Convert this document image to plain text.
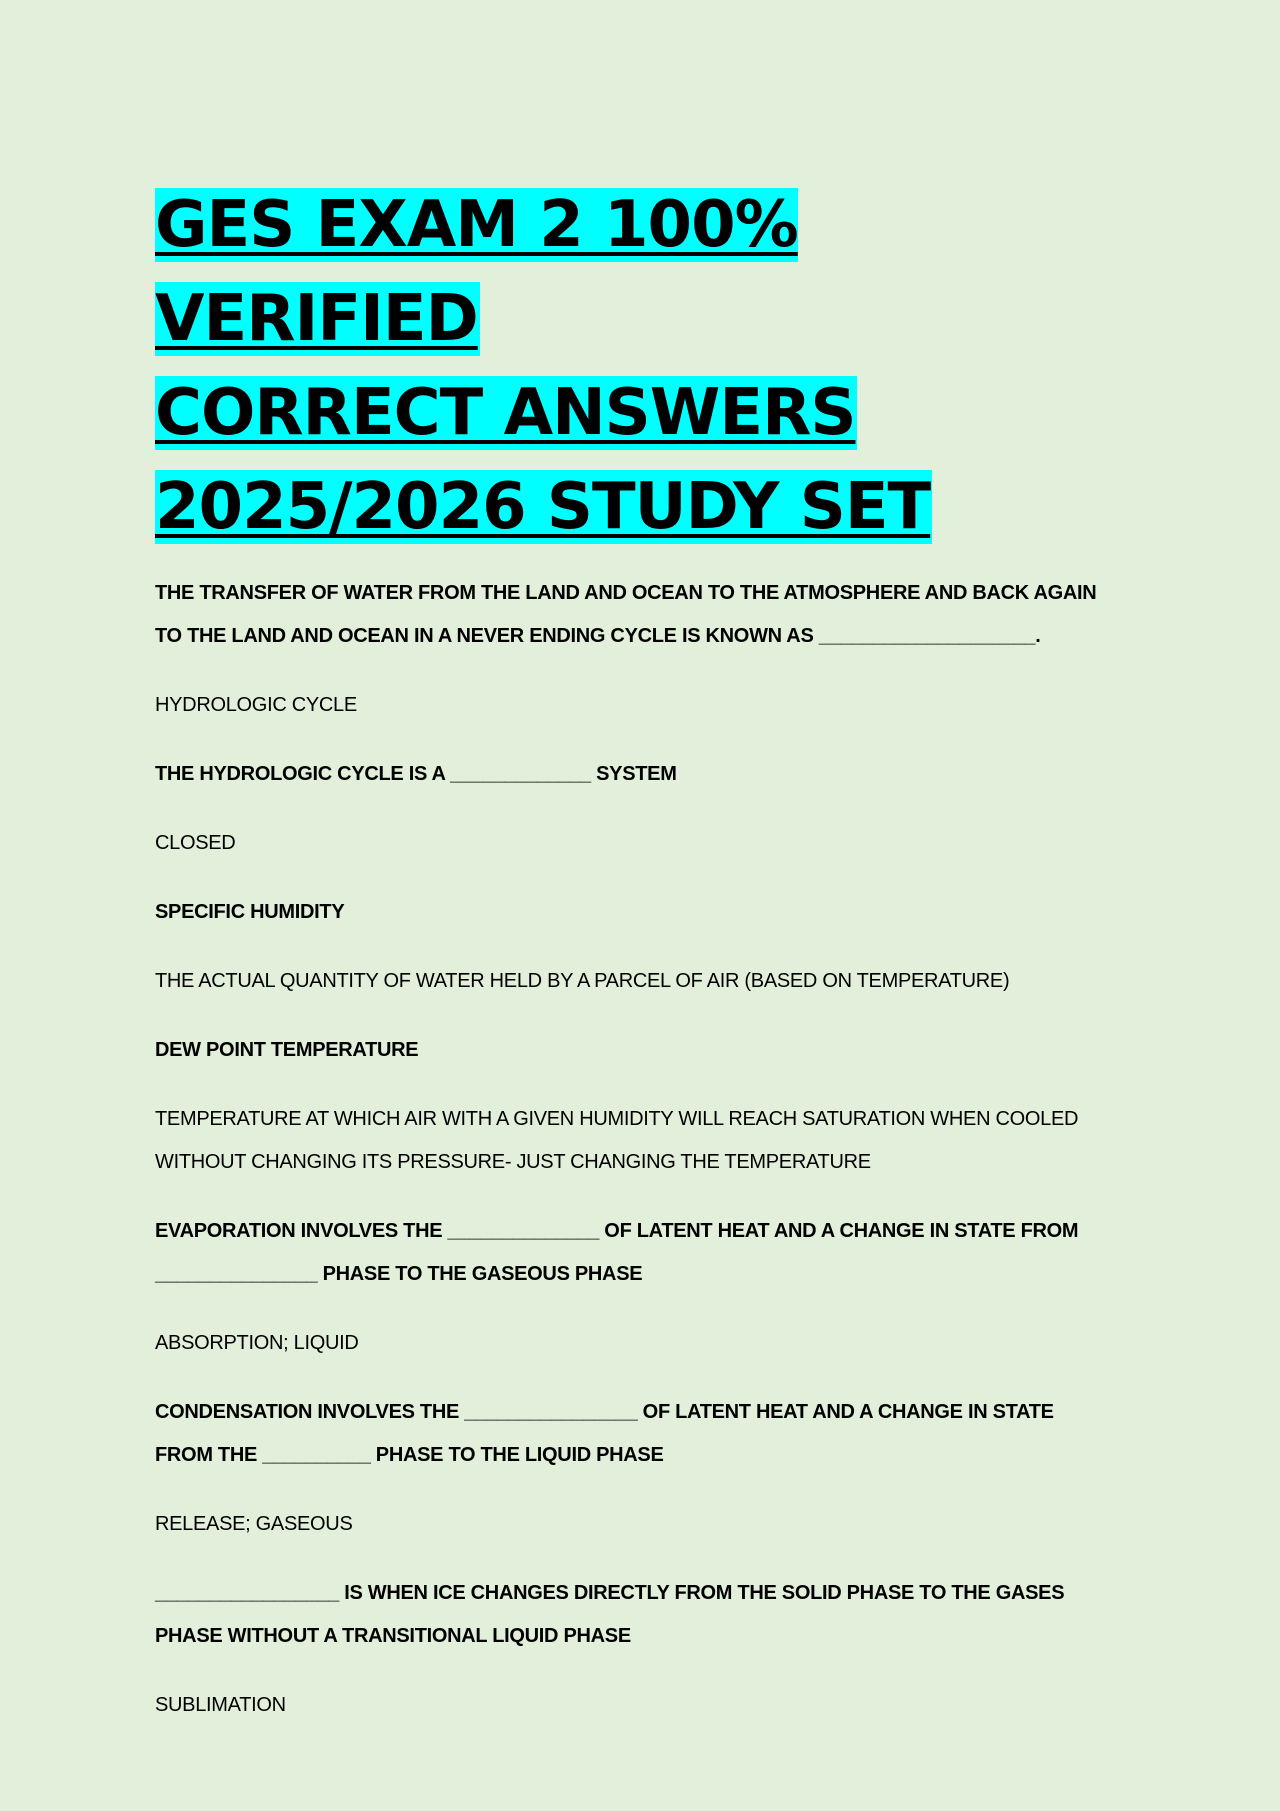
GES EXAM 2 100% VERIFIED
CORRECT ANSWERS
2025/2026 STUDY SET

THE TRANSFER OF WATER FROM THE LAND AND OCEAN TO THE ATMOSPHERE AND BACK AGAIN TO THE LAND AND OCEAN IN A NEVER ENDING CYCLE IS KNOWN AS ____________________.

HYDROLOGIC CYCLE

THE HYDROLOGIC CYCLE IS A _____________ SYSTEM

CLOSED

SPECIFIC HUMIDITY

THE ACTUAL QUANTITY OF WATER HELD BY A PARCEL OF AIR (BASED ON TEMPERATURE)

DEW POINT TEMPERATURE

TEMPERATURE AT WHICH AIR WITH A GIVEN HUMIDITY WILL REACH SATURATION WHEN COOLED WITHOUT CHANGING ITS PRESSURE- JUST CHANGING THE TEMPERATURE

EVAPORATION INVOLVES THE ______________ OF LATENT HEAT AND A CHANGE IN STATE FROM _______________ PHASE TO THE GASEOUS PHASE

ABSORPTION; LIQUID

CONDENSATION INVOLVES THE ________________ OF LATENT HEAT AND A CHANGE IN STATE FROM THE __________ PHASE TO THE LIQUID PHASE

RELEASE; GASEOUS

_________________ IS WHEN ICE CHANGES DIRECTLY FROM THE SOLID PHASE TO THE GASES PHASE WITHOUT A TRANSITIONAL LIQUID PHASE

SUBLIMATION
